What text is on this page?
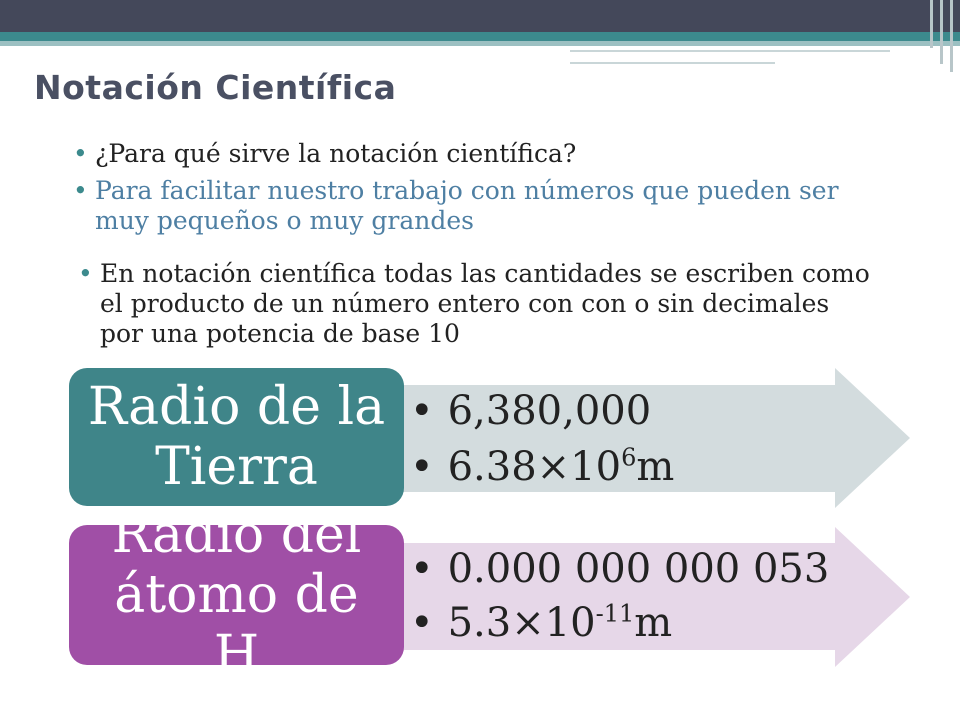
Notación Científica
• ¿Para qué sirve la notación científica?
• Para facilitar nuestro trabajo con números que pueden ser muy pequeños o muy grandes
• En notación científica todas las cantidades se escriben como el producto de un número entero con con o sin decimales por una potencia de base 10
Radio de la Tierra
Radio del átomo de H
• 6,380,000
• $6.38\times 10^6m$
• 0.000 000 000 053
• $5.3\times 10^{-11}m$
